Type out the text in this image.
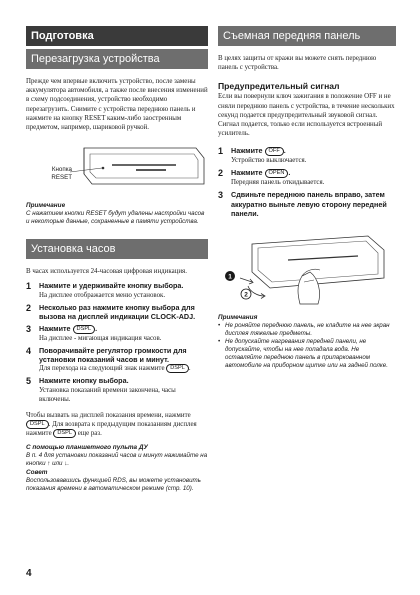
Подготовка
Перезагрузка устройства

Прежде чем впервые включить устройство, после замены аккумулятора автомобиля, а также после внесения изменений в схему подсоединения, устройство необходимо перезагрузить. Снимите с устройства переднюю панель и нажмите на кнопку RESET каким-либо заостренным предметом, например, шариковой ручкой.

Кнопка
RESET
Примечание
С нажатием кнопки RESET будут удалены настройки часов и некоторые данные, сохраненные в памяти устройства.
Установка часов

В часах используется 24-часовая цифровая индикация.

1	Нажмите и удерживайте кнопку выбора.
На дисплее отображается меню установок.
2	Несколько раз нажмите кнопку выбора для вызова на дисплей индикации CLOCK-ADJ.
3	Нажмите DSPL .
На дисплее - мигающая индикация часов.
4	Поворачивайте регулятор громкости для установки показаний часов и минут.
Для перехода на следующий знак нажмите DSPL .
5	Нажмите кнопку выбора.
Установка показаний времени закончена, часы включены.

Чтобы вызвать на дисплей показания времени, нажмите DSPL . Для возврата к предыдущим показаниям дисплея нажмите DSPL еще раз.

С помощью планшетного пульта ДУ
В п. 4 для установки показаний часов и минут нажимайте на кнопки ↑ или ↓.
Совет
Воспользовавшись функцией RDS, вы можете установить показания времени в автоматическом режиме (стр. 10).
Съемная передняя панель

В целях защиты от кражи вы можете снять переднюю панель с устройства.

Предупредительный сигнал

Если вы повернули ключ зажигания в положение OFF и не сняли переднюю панель с устройства, в течение нескольких секунд подается предупредительный звуковой сигнал. Сигнал подается, только если используется встроенный усилитель.

1	Нажмите OFF .
Устройство выключается.
2	Нажмите OPEN .
Передняя панель откидывается.
3	Сдвиньте переднюю панель вправо, затем аккуратно выньте левую сторону передней панели.
1
2
Примечания
• Не роняйте переднюю панель, не кладите на нее экран дисплея тяжелые предметы.
• Не допускайте нагревания передней панели, не допускайте, чтобы на нее попадала вода. Не оставляйте переднюю панель в припаркованном автомобиле на приборном щитке или на задней полке.
4
